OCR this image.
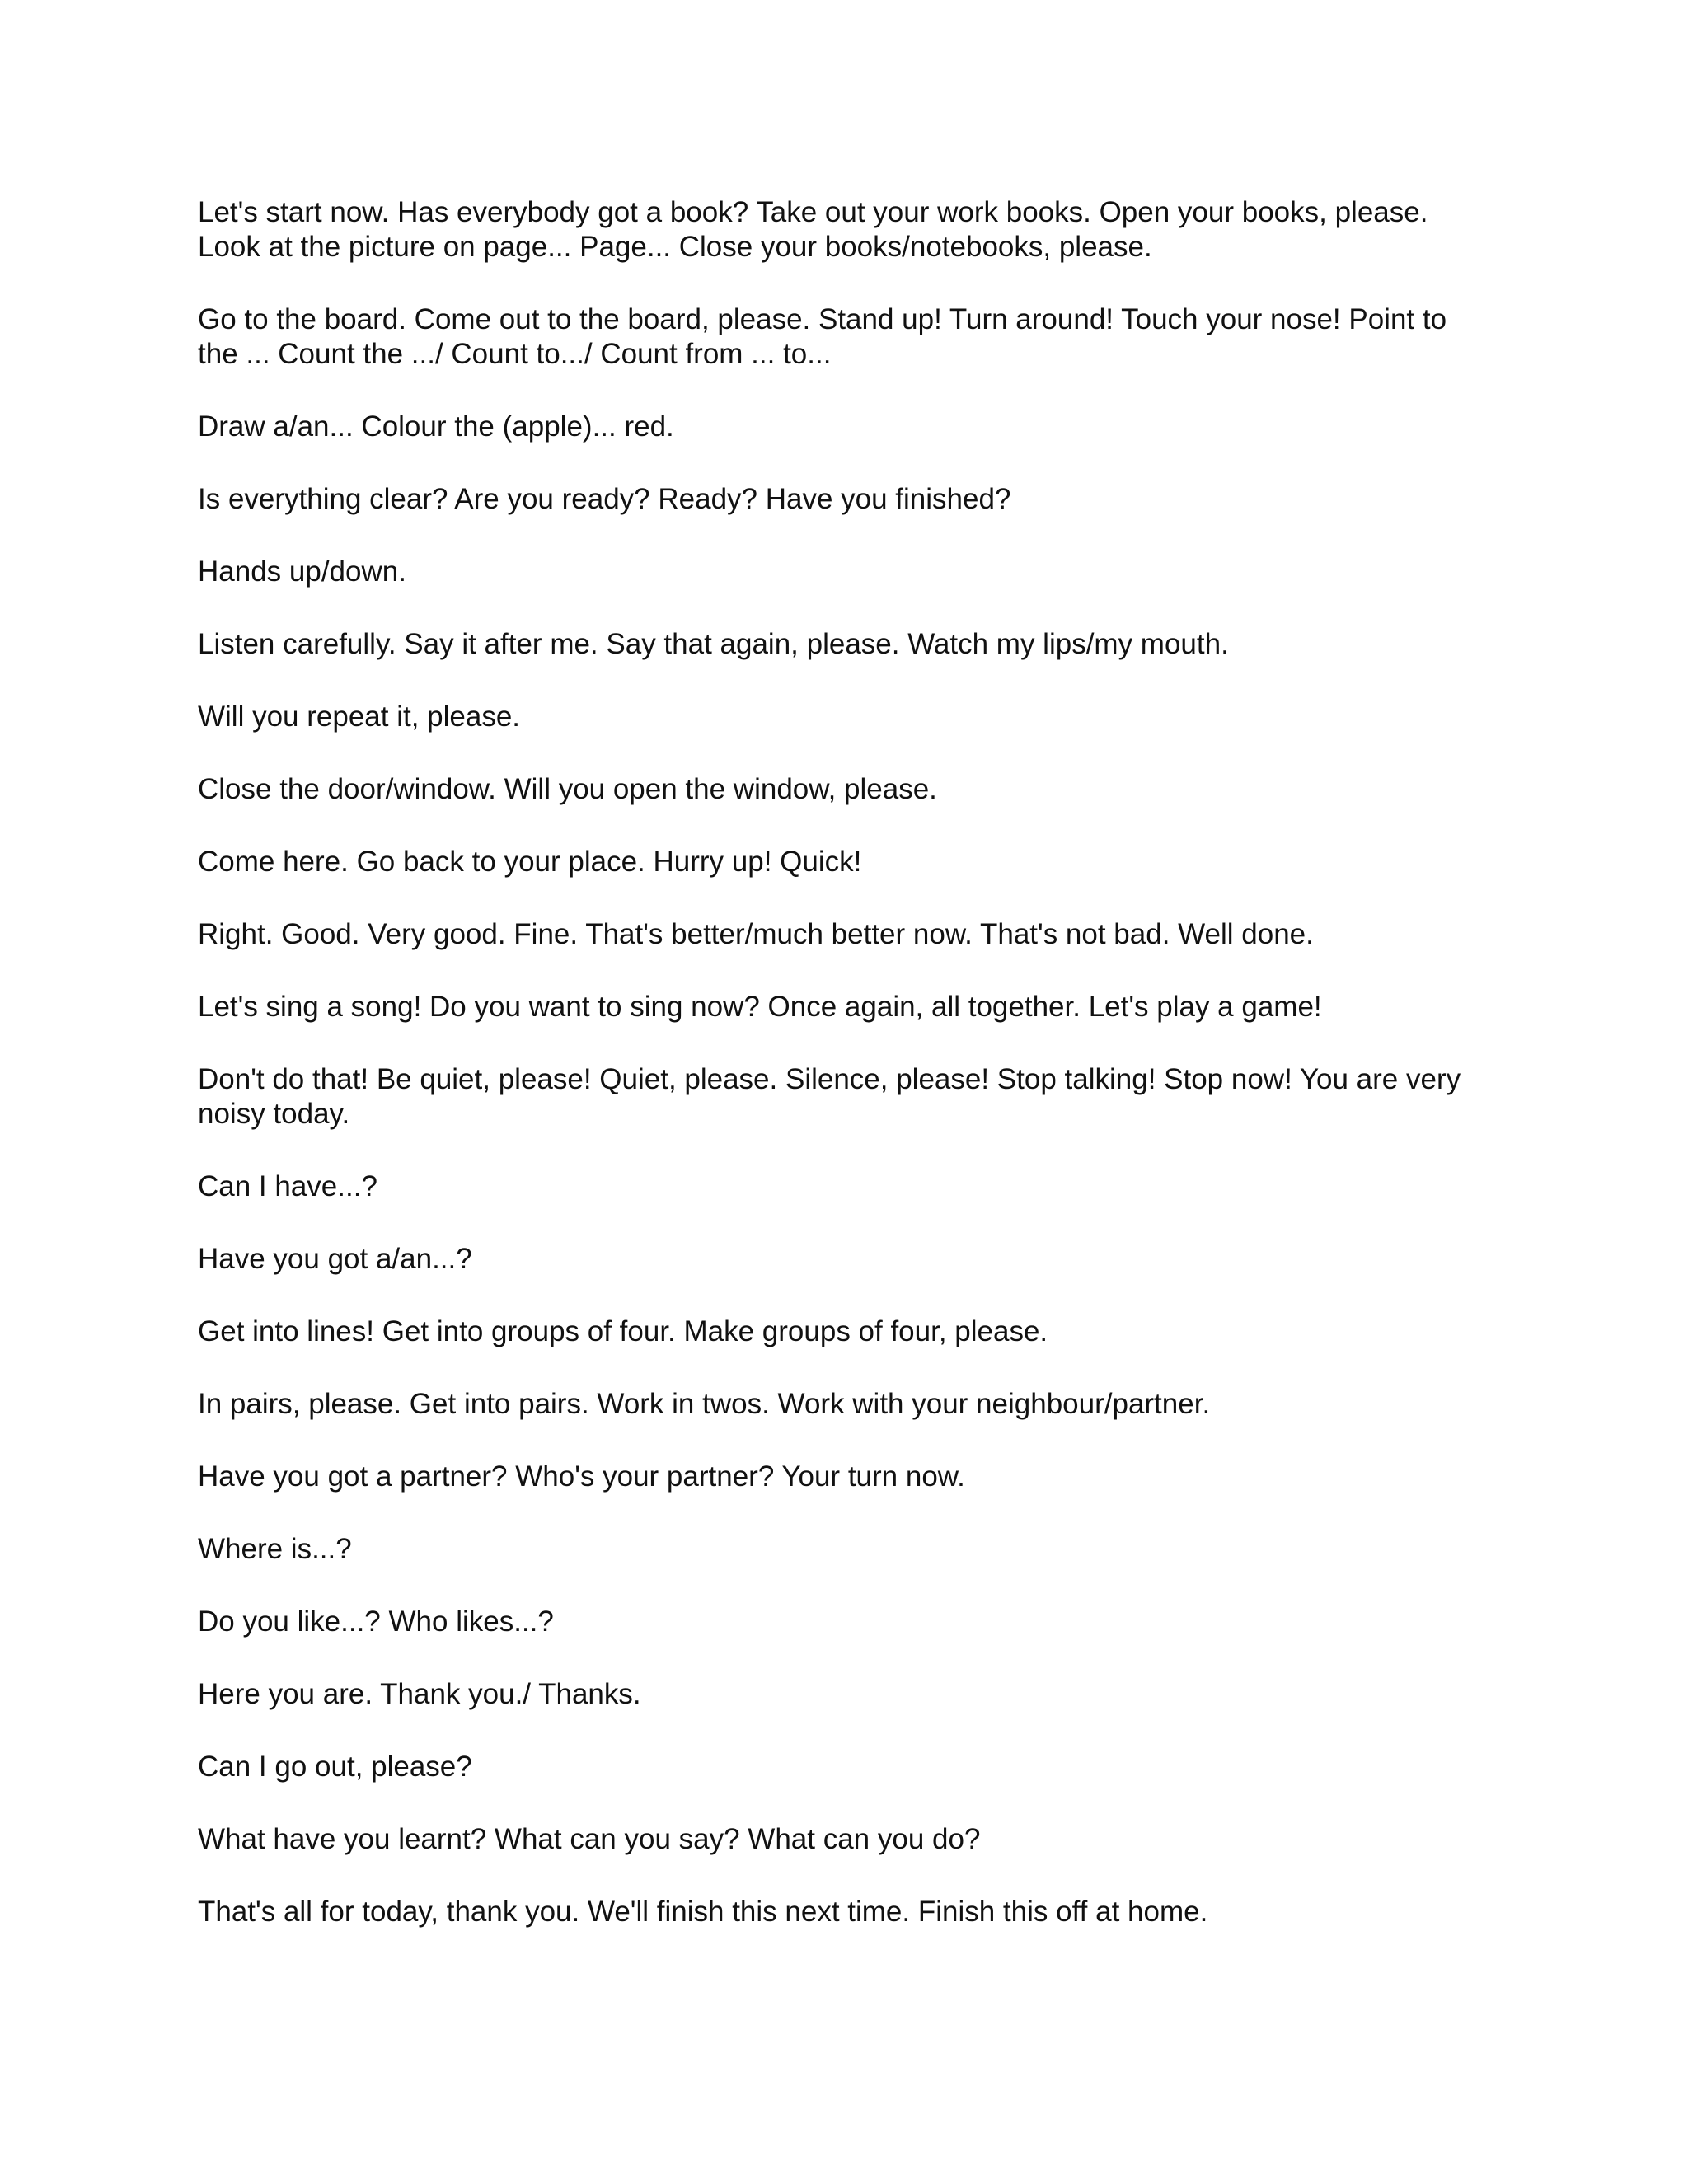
Let's start now. Has everybody got a book? Take out your work books. Open your books, please.
Look at the picture on page... Page... Close your books/notebooks, please.

Go to the board. Come out to the board, please. Stand up! Turn around! Touch your nose! Point to
the ... Count the .../ Count to.../ Count from ... to...

Draw a/an... Colour the (apple)... red.

Is everything clear? Are you ready? Ready? Have you finished?

Hands up/down.

Listen carefully. Say it after me. Say that again, please. Watch my lips/my mouth.

Will you repeat it, please.

Close the door/window. Will you open the window, please.

Come here. Go back to your place. Hurry up! Quick!

Right. Good. Very good. Fine. That's better/much better now. That's not bad. Well done.

Let's sing a song! Do you want to sing now? Once again, all together. Let's play a game!

Don't do that! Be quiet, please! Quiet, please. Silence, please! Stop talking! Stop now! You are very
noisy today.

Can I have...?

Have you got a/an...?

Get into lines! Get into groups of four. Make groups of four, please.

In pairs, please. Get into pairs. Work in twos. Work with your neighbour/partner.

Have you got a partner? Who's your partner? Your turn now.

Where is...?

Do you like...? Who likes...?

Here you are. Thank you./ Thanks.

Can I go out, please?

What have you learnt? What can you say? What can you do?

That's all for today, thank you. We'll finish this next time. Finish this off at home.
